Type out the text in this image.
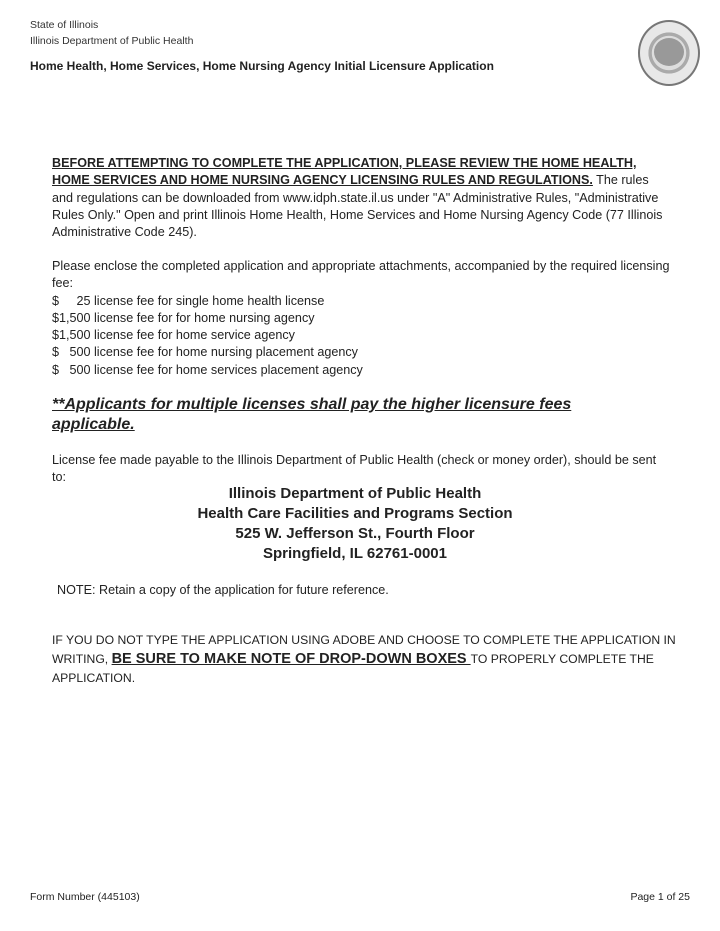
State of Illinois
Illinois Department of Public Health
Home Health, Home Services, Home Nursing Agency Initial Licensure Application
BEFORE ATTEMPTING TO COMPLETE THE APPLICATION, PLEASE REVIEW THE HOME HEALTH, HOME SERVICES AND HOME NURSING AGENCY LICENSING RULES AND REGULATIONS. The rules and regulations can be downloaded from www.idph.state.il.us under "A" Administrative Rules, "Administrative Rules Only." Open and print Illinois Home Health, Home Services and Home Nursing Agency Code (77 Illinois Administrative Code 245).
Please enclose the completed application and appropriate attachments, accompanied by the required licensing fee:
$     25 license fee for single home health license
$1,500 license fee for for home nursing agency
$1,500 license fee for home service agency
$   500 license fee for home nursing placement agency
$   500 license fee for home services placement agency
**Applicants for multiple licenses shall pay the higher licensure fees applicable.
License fee made payable to the Illinois Department of Public Health (check or money order), should be sent to:
Illinois Department of Public Health
Health Care Facilities and Programs Section
525 W. Jefferson St., Fourth Floor
Springfield, IL 62761-0001
NOTE: Retain a copy of the application for future reference.
IF YOU DO NOT TYPE THE APPLICATION USING ADOBE AND CHOOSE TO COMPLETE THE APPLICATION IN WRITING, BE SURE TO MAKE NOTE OF DROP-DOWN BOXES TO PROPERLY COMPLETE THE APPLICATION.
Form Number (445103)	Page 1 of 25
